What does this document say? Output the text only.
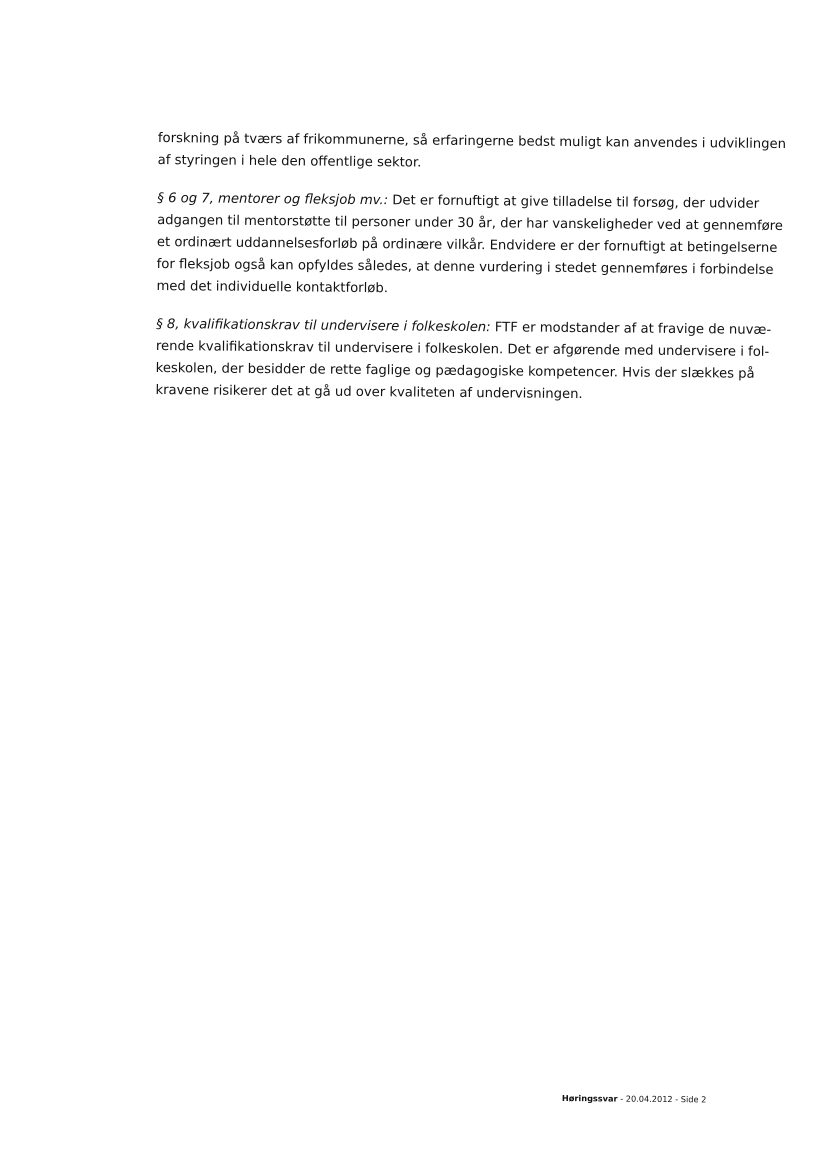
forskning på tværs af frikommunerne, så erfaringerne bedst muligt kan anvendes i udviklingen
af styringen i hele den offentlige sektor.

§ 6 og 7, mentorer og fleksjob mv.: Det er fornuftigt at give tilladelse til forsøg, der udvider
adgangen til mentorstøtte til personer under 30 år, der har vanskeligheder ved at gennemføre
et ordinært uddannelsesforløb på ordinære vilkår. Endvidere er der fornuftigt at betingelserne
for fleksjob også kan opfyldes således, at denne vurdering i stedet gennemføres i forbindelse
med det individuelle kontaktforløb.

§ 8, kvalifikationskrav til undervisere i folkeskolen: FTF er modstander af at fravige de nuvæ-
rende kvalifikationskrav til undervisere i folkeskolen. Det er afgørende med undervisere i fol-
keskolen, der besidder de rette faglige og pædagogiske kompetencer. Hvis der slækkes på
kravene risikerer det at gå ud over kvaliteten af undervisningen.

Høringssvar - 20.04.2012 - Side 2
